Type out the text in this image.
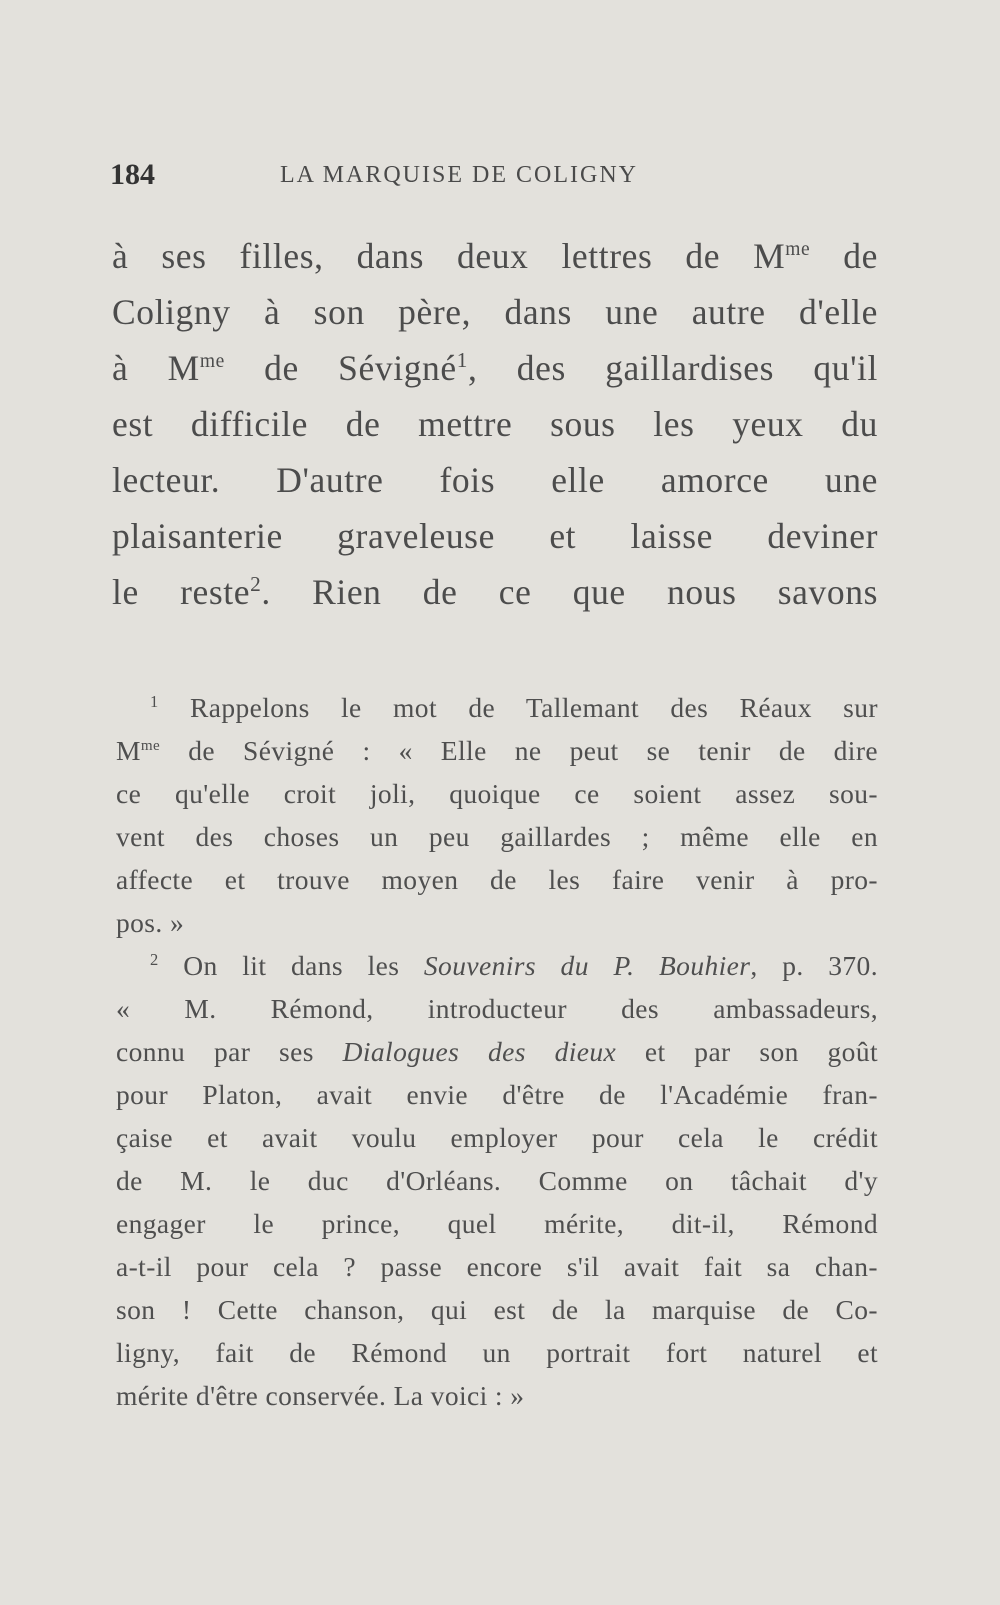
184	LA MARQUISE DE COLIGNY
à ses filles, dans deux lettres de $M^{me}$ de
Coligny à son père, dans une autre d'elle
à $M^{me}$ de Sévigné$^1$, des gaillardises qu'il
est difficile de mettre sous les yeux du
lecteur. D'autre fois elle amorce une
plaisanterie graveleuse et laisse deviner
le reste$^2$. Rien de ce que nous savons
$^1$ Rappelons le mot de Tallemant des Réaux sur
$M^{me}$ de Sévigné : « Elle ne peut se tenir de dire
ce qu'elle croit joli, quoique ce soient assez sou-
vent des choses un peu gaillardes ; même elle en
affecte et trouve moyen de les faire venir à pro-
pos. »
$^2$ On lit dans les Souvenirs du P. Bouhier, p. 370.
« M. Rémond, introducteur des ambassadeurs,
connu par ses Dialogues des dieux et par son goût
pour Platon, avait envie d'être de l'Académie fran-
çaise et avait voulu employer pour cela le crédit
de M. le duc d'Orléans. Comme on tâchait d'y
engager le prince, quel mérite, dit-il, Rémond
a-t-il pour cela ? passe encore s'il avait fait sa chan-
son ! Cette chanson, qui est de la marquise de Co-
ligny, fait de Rémond un portrait fort naturel et
mérite d'être conservée. La voici : »
